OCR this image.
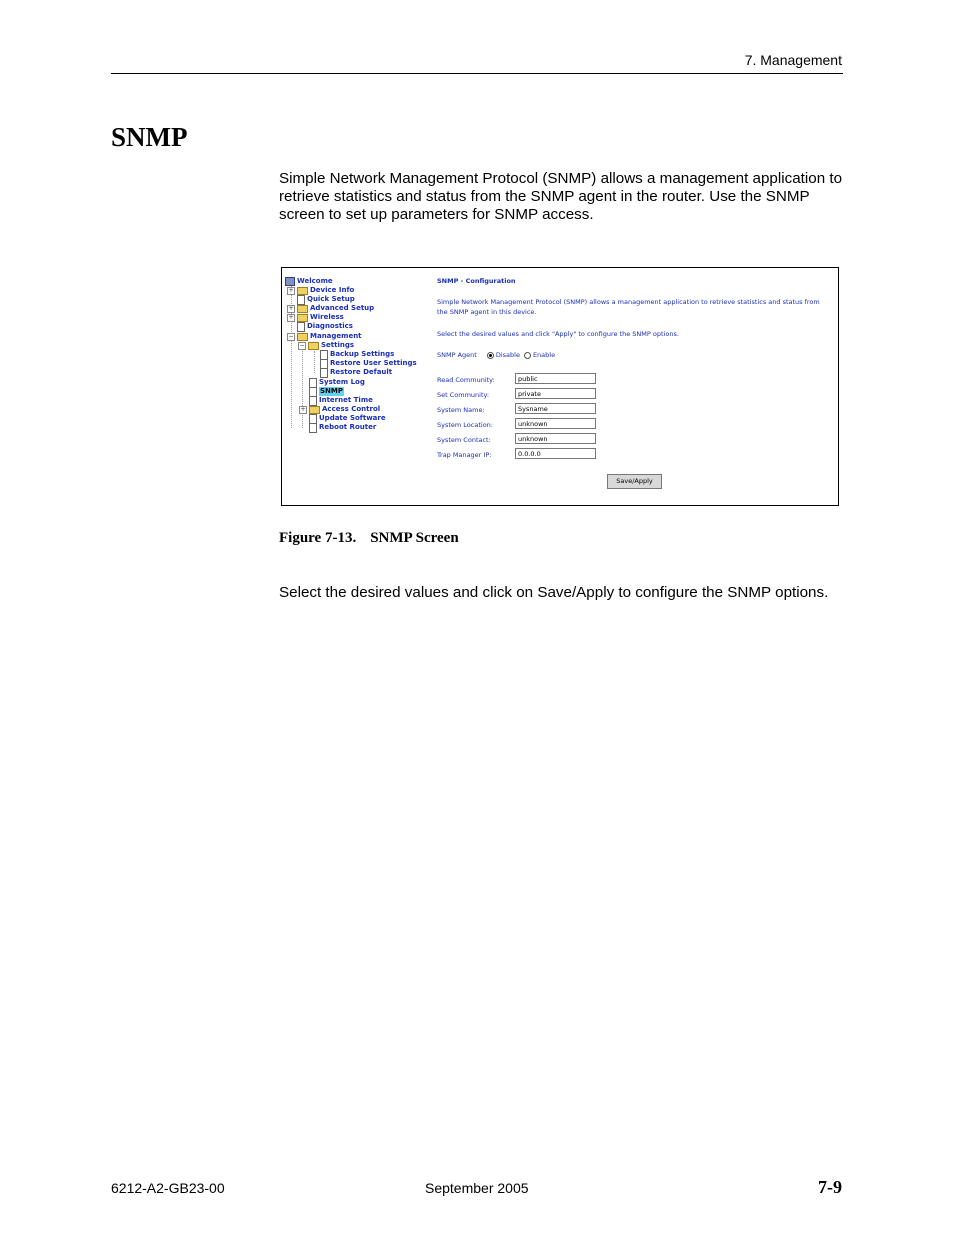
7. Management
SNMP

Simple Network Management Protocol (SNMP) allows a management application to retrieve statistics and status from the SNMP agent in the router. Use the SNMP screen to set up parameters for SNMP access.

Welcome
+ Device Info
Quick Setup
+ Advanced Setup
+ Wireless
Diagnostics
− Management
− Settings
Backup Settings
Restore User Settings
Restore Default
System Log
SNMP
Internet Time
+ Access Control
Update Software
Reboot Router
SNMP - Configuration
Simple Network Management Protocol (SNMP) allows a management application to retrieve statistics and status from the SNMP agent in this device.
Select the desired values and click "Apply" to configure the SNMP options.
SNMP Agent	Disable Enable
Read Community:	public
Set Community:	private
System Name:	Sysname
System Location:	unknown
System Contact:	unknown
Trap Manager IP:	0.0.0.0
Save/Apply

Figure 7-13. SNMP Screen

Select the desired values and click on Save/Apply to configure the SNMP options.

6212-A2-GB23-00	September 2005	7-9
